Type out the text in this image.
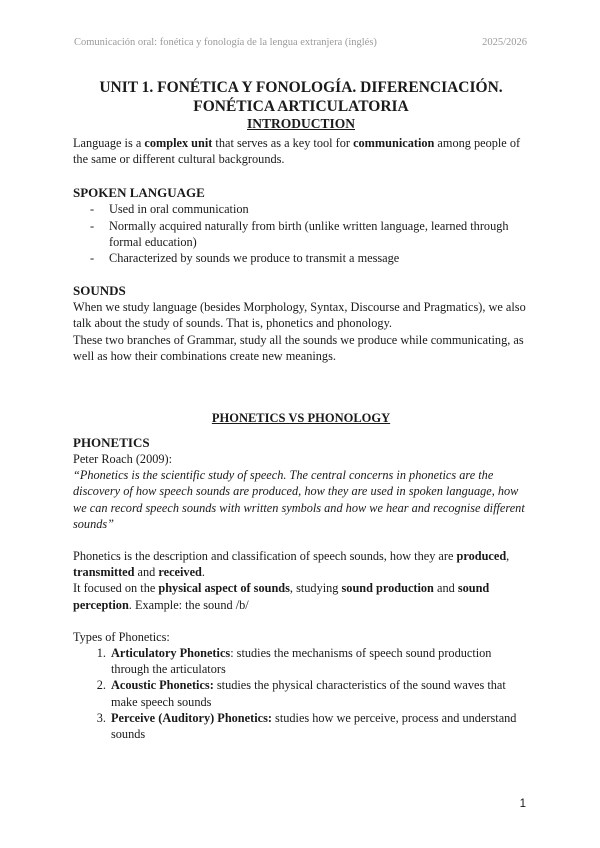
Comunicación oral: fonética y fonología de la lengua extranjera (inglés)	2025/2026

UNIT 1. FONÉTICA Y FONOLOGÍA. DIFERENCIACIÓN.

FONÉTICA ARTICULATORIA

INTRODUCTION

Language is a complex unit that serves as a key tool for communication among people of the same or different cultural backgrounds.

SPOKEN LANGUAGE

- Used in oral communication
- Normally acquired naturally from birth (unlike written language, learned through formal education)
- Characterized by sounds we produce to transmit a message

SOUNDS

When we study language (besides Morphology, Syntax, Discourse and Pragmatics), we also talk about the study of sounds. That is, phonetics and phonology.

These two branches of Grammar, study all the sounds we produce while communicating, as well as how their combinations create new meanings.

PHONETICS VS PHONOLOGY

PHONETICS

Peter Roach (2009):

“Phonetics is the scientific study of speech. The central concerns in phonetics are the discovery of how speech sounds are produced, how they are used in spoken language, how we can record speech sounds with written symbols and how we hear and recognise different sounds”

Phonetics is the description and classification of speech sounds, how they are produced, transmitted and received.

It focused on the physical aspect of sounds, studying sound production and sound perception. Example: the sound /b/

Types of Phonetics:

1. Articulatory Phonetics: studies the mechanisms of speech sound production through the articulators
2. Acoustic Phonetics: studies the physical characteristics of the sound waves that make speech sounds
3. Perceive (Auditory) Phonetics: studies how we perceive, process and understand sounds
1
